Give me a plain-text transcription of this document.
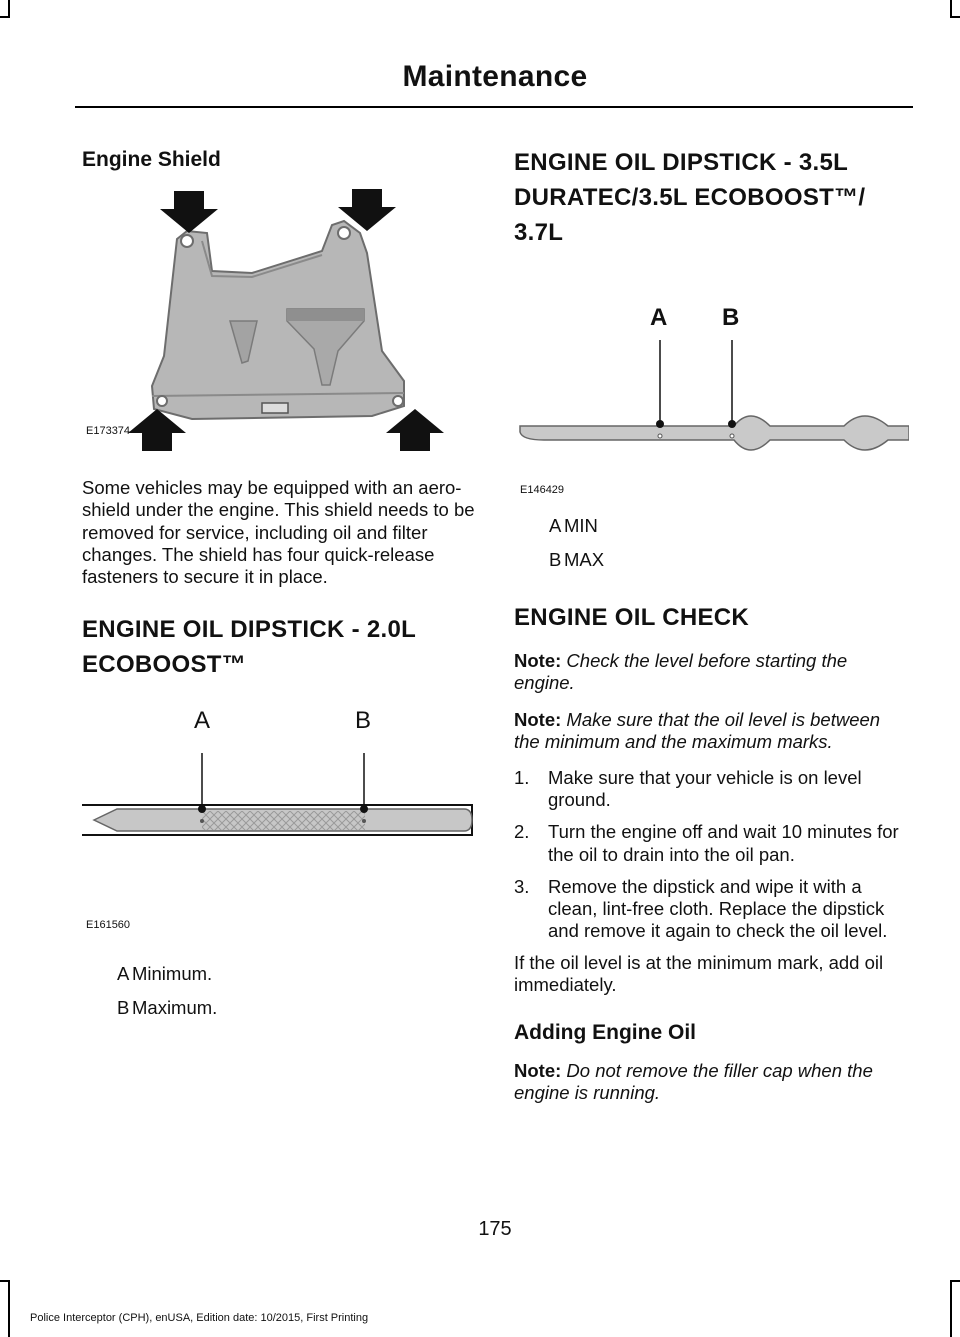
Maintenance
Engine Shield
E173374

Some vehicles may be equipped with an aero-shield under the engine. This shield needs to be removed for service, including oil and filter changes. The shield has four quick-release fasteners to secure it in place.

ENGINE OIL DIPSTICK - 2.0L
ECOBOOST™
A	B
E161560
A Minimum.
B Maximum.
ENGINE OIL DIPSTICK - 3.5L
DURATEC/3.5L ECOBOOST™/
3.7L
A B
E146429
A MIN
B MAX
ENGINE OIL CHECK

Note: Check the level before starting the engine.

Note: Make sure that the oil level is between the minimum and the maximum marks.

1.	Make sure that your vehicle is on level ground.
2.	Turn the engine off and wait 10 minutes for the oil to drain into the oil pan.
3.	Remove the dipstick and wipe it with a clean, lint-free cloth. Replace the dipstick and remove it again to check the oil level.

If the oil level is at the minimum mark, add oil immediately.

Adding Engine Oil

Note: Do not remove the filler cap when the engine is running.

175
Police Interceptor (CPH), enUSA, Edition date: 10/2015, First Printing
